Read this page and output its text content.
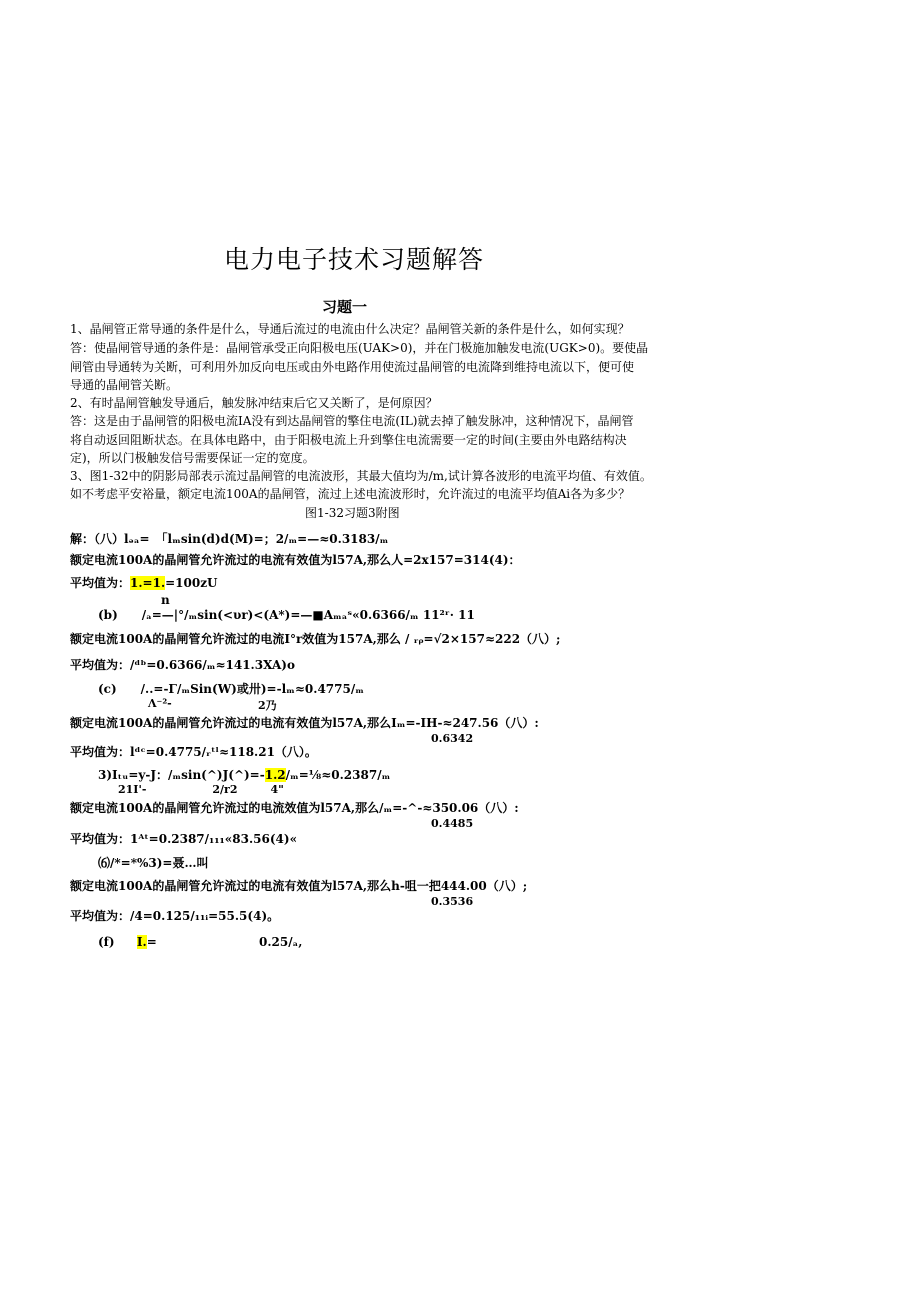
电力电子技术习题解答
习题一
1、晶闸管正常导通的条件是什么，导通后流过的电流由什么决定？晶闸管关新的条件是什么，如何实现？
答：使晶闸管导通的条件是：晶闸管承受正向阳极电压(UAK>0)，并在门极施加触发电流(UGK>0)。要使晶
闸管由导通转为关断，可利用外加反向电压或由外电路作用使流过晶闸管的电流降到维持电流以下，便可使
导通的晶闸管关断。
2、有时晶闸管触发导通后，触发脉冲结束后它又关断了，是何原因？
答：这是由于晶闸管的阳极电流IA没有到达晶闸管的擎住电流(IL)就去掉了触发脉冲，这种情况下，晶闸管
将自动返回阻断状态。在具体电路中，由于阳极电流上升到擎住电流需要一定的时间(主要由外电路结构决
定)，所以门极触发信号需要保证一定的宽度。
3、图1-32中的阴影局部表示流过晶闸管的电流波形，其最大值均为/m,试计算各波形的电流平均值、有效值。
如不考虑平安裕量，额定电流100A的晶闸管，流过上述电流波形时，允许流过的电流平均值Ai各为多少？
图1-32习题3附图
解：（八）lₔₐ=　「lₘsin(d)d(M)=；2/ₘ=—≈0.3183/ₘ
额定电流100A的晶闸管允许流过的电流有效值为l57A,那么人=2x157=314(4)：
平均值为：1.=1.=100zU
n
(b)　　/ₐ=—|°/ₘsin(<υr)<(A*)=—■Aₘₐˢ«0.6366/ₘ 11²ʳ· 11
额定电流100A的晶闸管允许流过的电流I°r效值为157A,那么 / ᵣᵨ=√2×157≈222（八）;
平均值为：/ᵈᵇ=0.6366/ₘ≈141.3XA)o
(c)　　/..=-Γ/ₘSin(W)或卅)=-lₘ≈0.4775/ₘ
Λ⁻²-	2乃
额定电流100A的晶闸管允许流过的电流有效值为l57A,那么Iₘ=-IH-≈247.56（八）:
0.6342
平均值为：lᵈᶜ=0.4775/ᵣᵗˡ≈118.21（八）。
3)Iₜᵤ=y-J：/ₘsin(^)J(^)=-1.2/ₘ=⅛≈0.2387/ₘ
21I'-　　　　　　2/r2　　　4"
额定电流100A的晶闸管允许流过的电流效值为l57A,那么/ₘ=-^-≈350.06（八）:
0.4485
平均值为：1ᴬᵗ=0.2387/₁₁₁«83.56(4)«
⑹/*=*%3)=聂…叫
额定电流100A的晶闸管允许流过的电流有效值为l57A,那么h-咀一把444.00（八）;
0.3536
平均值为：/4=0.125/₁₁ᵢ=55.5(4)。
(f) I.=	0.25/ₐ,
